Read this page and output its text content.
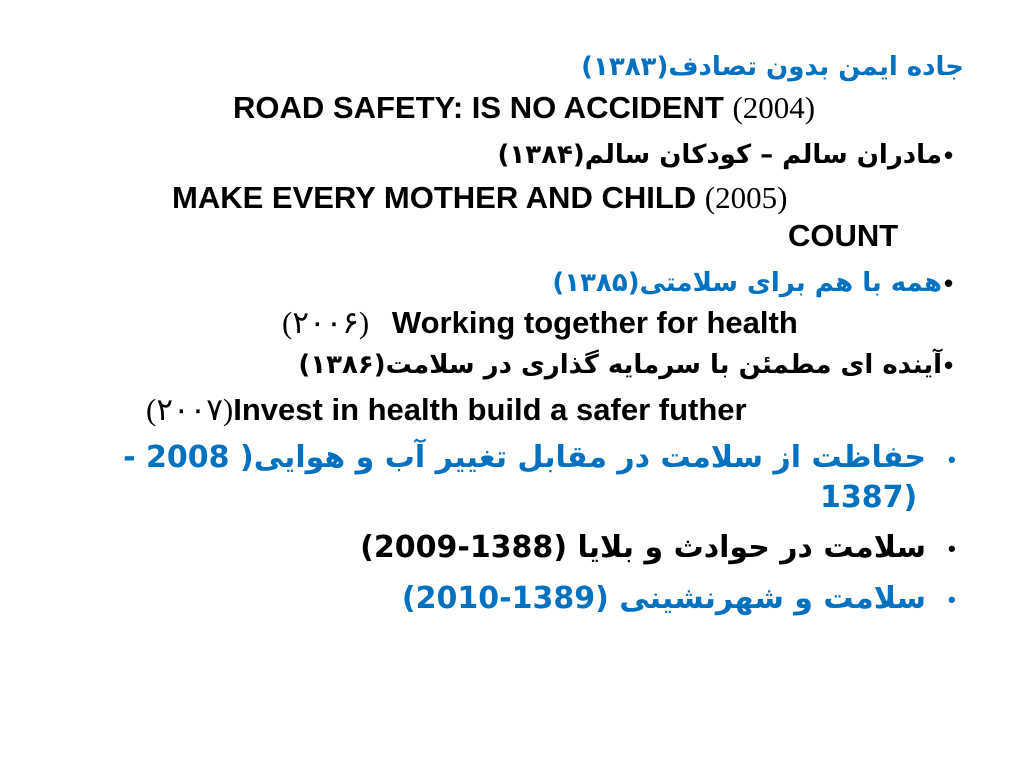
جاده ایمن بدون تصادف(۱۳۸۳)
ROAD SAFETY: IS NO ACCIDENT (2004)
مادران سالم – کودکان سالم(۱۳۸۴) •
MAKE EVERY MOTHER AND CHILD (2005)
COUNT
همه با هم برای سلامتی(۱۳۸۵) •
(۲۰۰۶) Working together for health
آینده ای مطمئن با سرمایه گذاری در سلامت(۱۳۸۶) •
(۲۰۰۷)Invest in health build a safer futher
حفاظت از سلامت در مقابل تغییر آب و هوایی( 2008 - •
1387)
سلامت در حوادث و بلایا (1388-2009) •
سلامت و شهرنشینی (1389-2010) •
